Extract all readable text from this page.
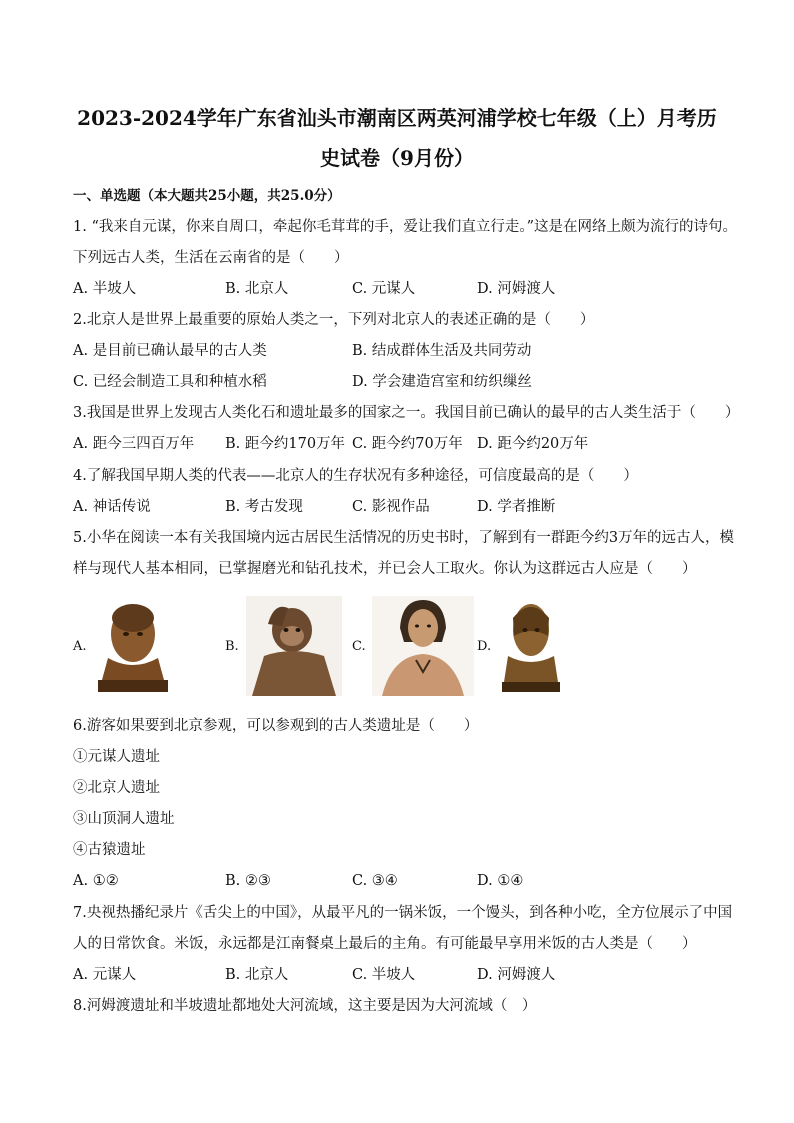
2023-2024学年广东省汕头市潮南区两英河浦学校七年级（上）月考历
史试卷（9月份）
一、单选题（本大题共25小题，共25.0分）
1. “我来自元谋，你来自周口，牵起你毛茸茸的手，爱让我们直立行走。”这是在网络上颇为流行的诗句。
下列远古人类，生活在云南省的是（　　）
A. 半坡人	B. 北京人	C. 元谋人	D. 河姆渡人
2.北京人是世界上最重要的原始人类之一，下列对北京人的表述正确的是（　　）
A. 是目前已确认最早的古人类	B. 结成群体生活及共同劳动
C. 已经会制造工具和种植水稻	D. 学会建造宫室和纺织缫丝
3.我国是世界上发现古人类化石和遗址最多的国家之一。我国目前已确认的最早的古人类生活于（　　）
A. 距今三四百万年 B. 距今约170万年 C. 距今约70万年 D. 距今约20万年
4.了解我国早期人类的代表——北京人的生存状况有多种途径，可信度最高的是（　　）
A. 神话传说	B. 考古发现	C. 影视作品	D. 学者推断
5.小华在阅读一本有关我国境内远古居民生活情况的历史书时，了解到有一群距今约3万年的远古人，模
样与现代人基本相同，已掌握磨光和钻孔技术，并已会人工取火。你认为这群远古人应是（　　）
A.	B.	C.	D.
6.游客如果要到北京参观，可以参观到的古人类遗址是（　　）
①元谋人遗址
②北京人遗址
③山顶洞人遗址
④古猿遗址
A. ①②	B. ②③	C. ③④	D. ①④
7.央视热播纪录片《舌尖上的中国》，从最平凡的一锅米饭，一个馒头，到各种小吃，全方位展示了中国
人的日常饮食。米饭，永远都是江南餐桌上最后的主角。有可能最早享用米饭的古人类是（　　）
A. 元谋人	B. 北京人	C. 半坡人	D. 河姆渡人
8.河姆渡遗址和半坡遗址都地处大河流域，这主要是因为大河流域（　）
